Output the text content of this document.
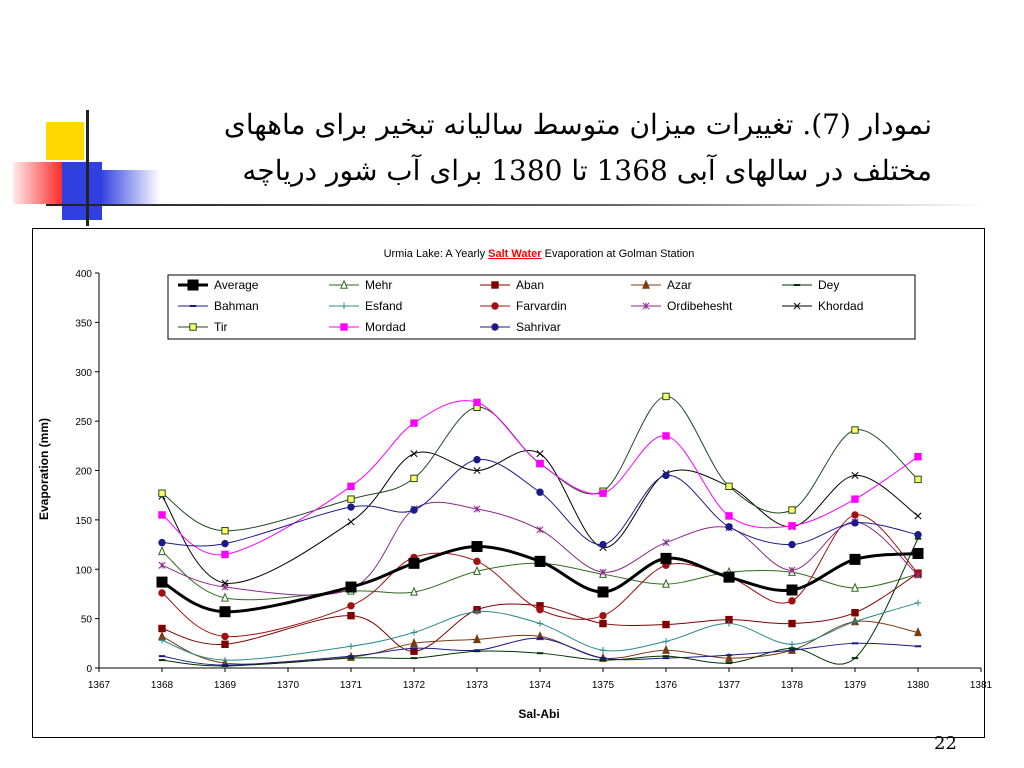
نمودار (7). تغییرات میزان متوسط سالیانه تبخیر برای ماههای
مختلف در سالهای آبی 1368 تا 1380 برای آب شور دریاچه
Urmia Lake: A Yearly Salt Water Evaporation at Golman Station
0
50
100
150
200
250
300
350
400
1367	1368	1369	1370	1371	1372	1373	1374	1375	1376	1377	1378	1379	1380	1381
Sal-Abi
Evaporation (mm)
Average	Mehr	Aban	Azar	Dey
Bahman	Esfand	Farvardin	Ordibehesht	Khordad
Tir	Mordad	Sahrivar
22
